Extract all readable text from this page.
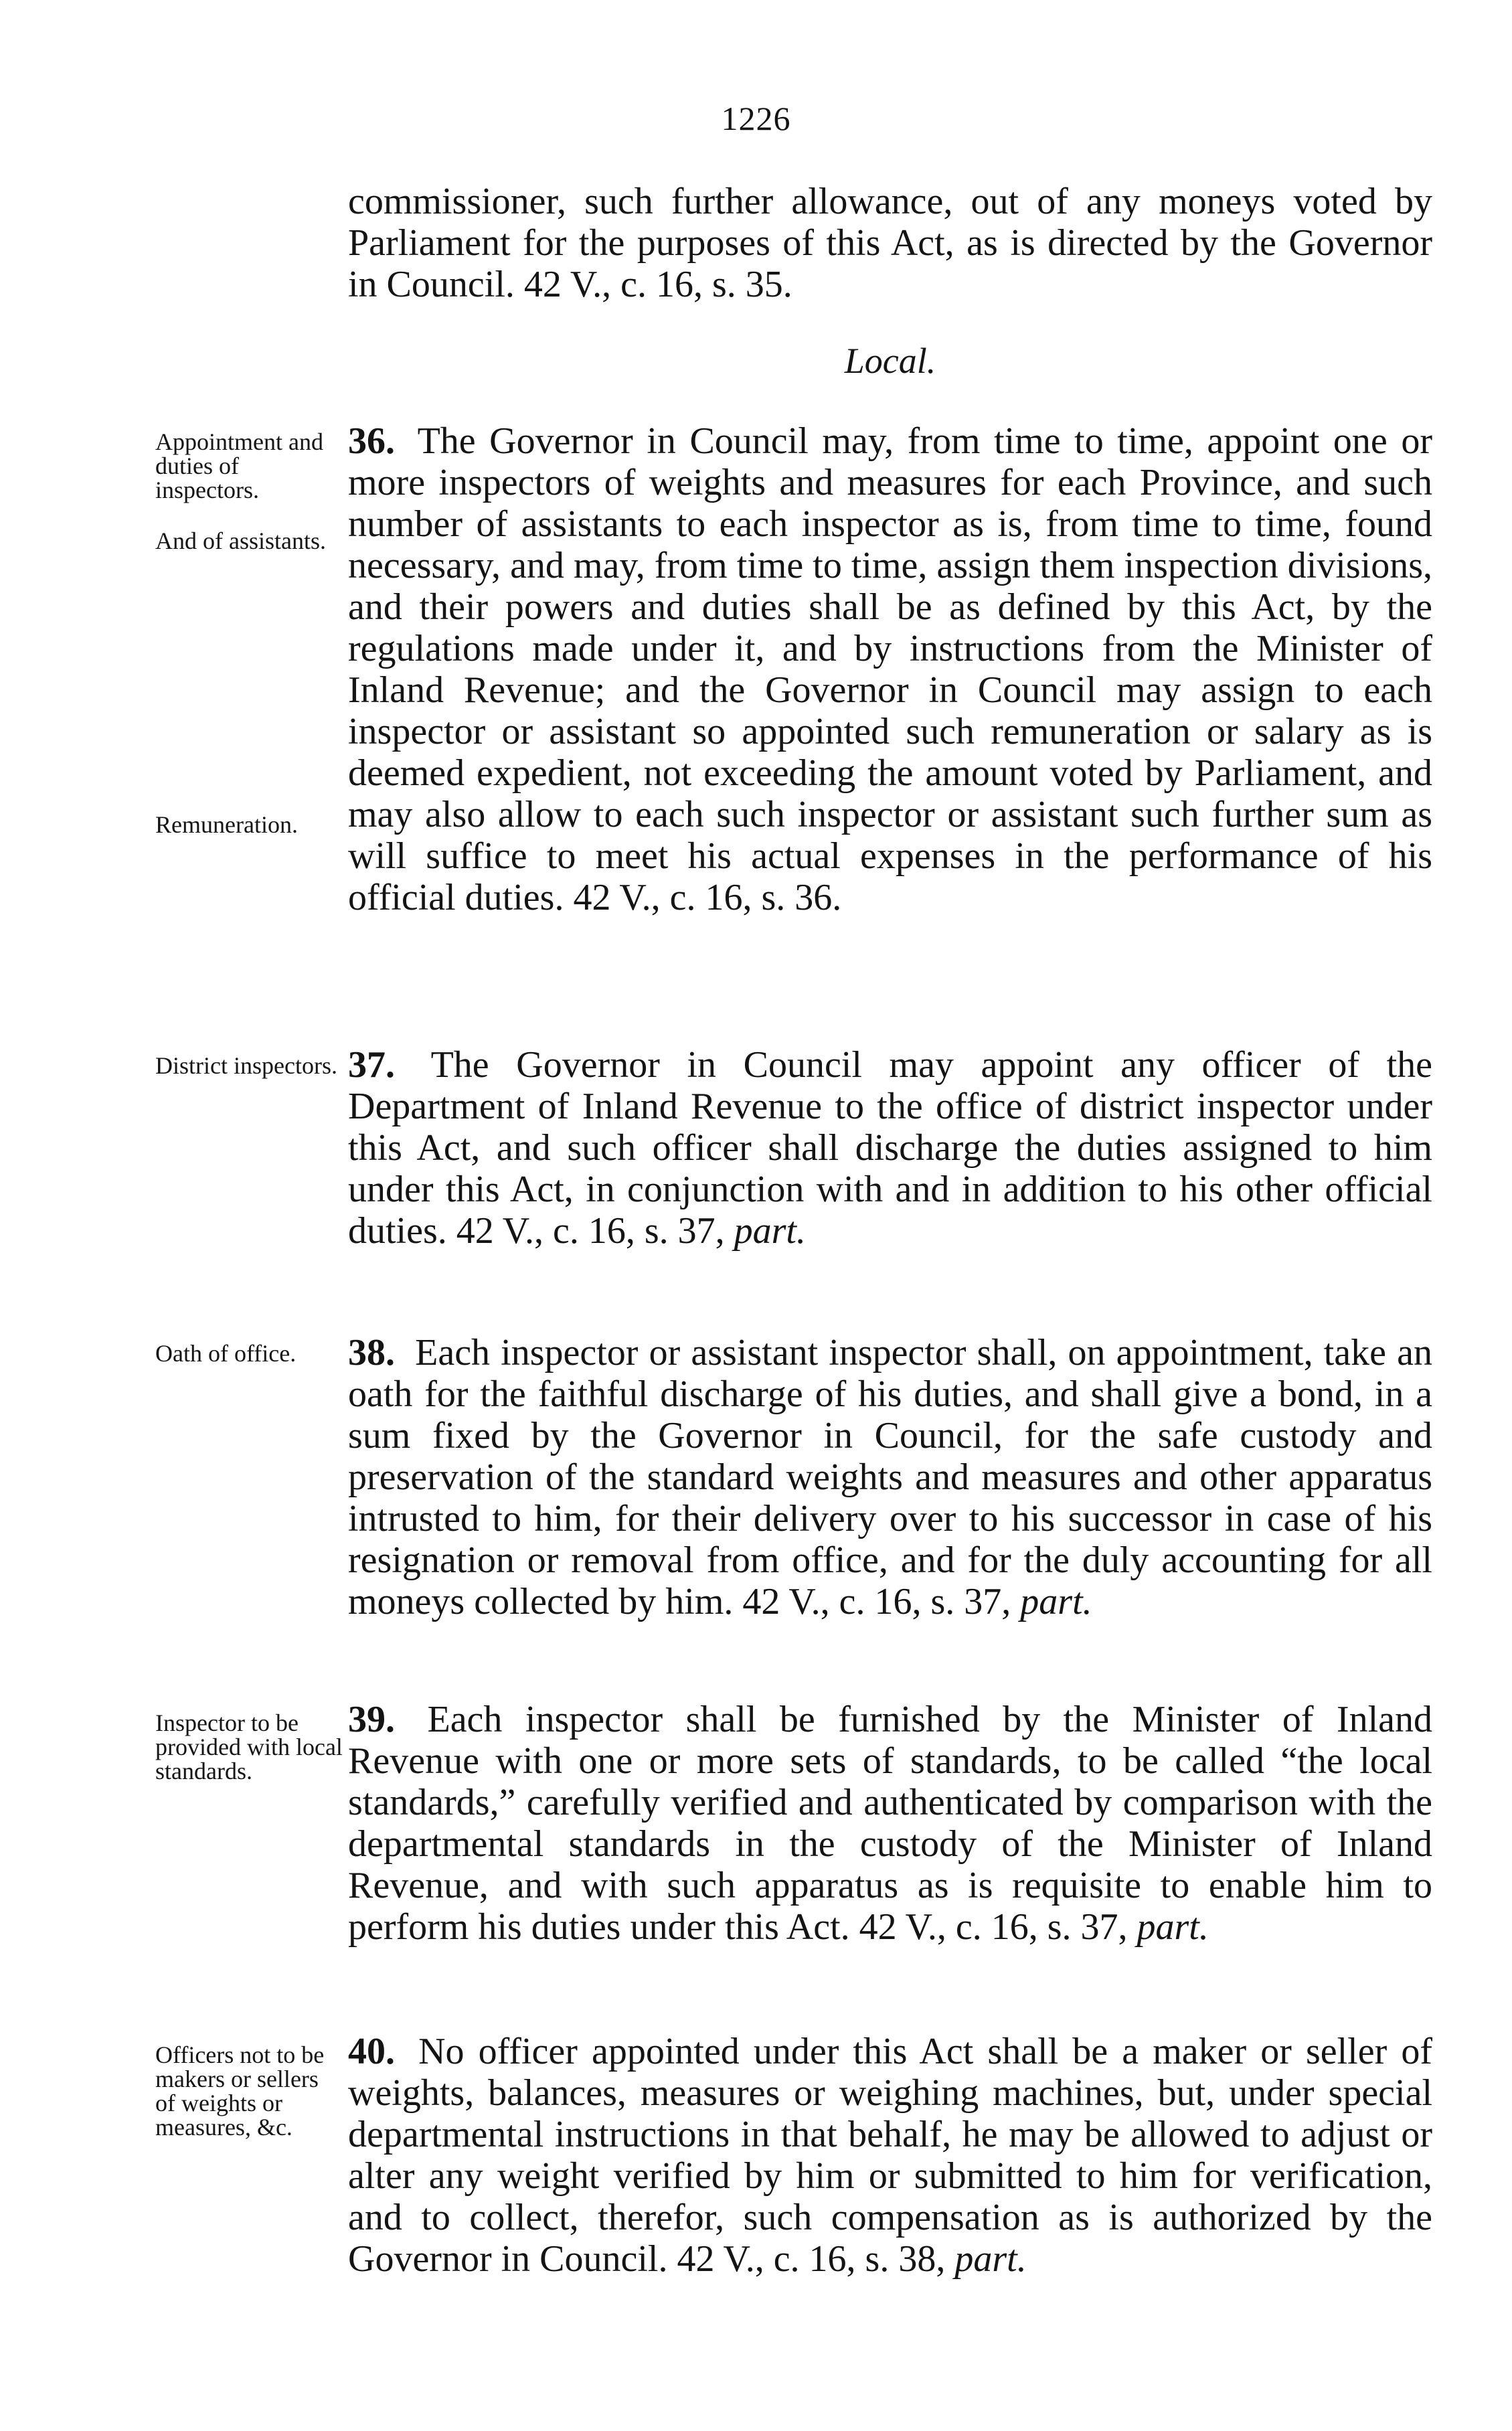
1226

commissioner, such further allowance, out of any moneys voted by Parliament for the purposes of this Act, as is directed by the Governor in Council. 42 V., c. 16, s. 35.

Local.

36. The Governor in Council may, from time to time, appoint one or more inspectors of weights and measures for each Province, and such number of assistants to each inspector as is, from time to time, found necessary, and may, from time to time, assign them inspection divisions, and their powers and duties shall be as defined by this Act, by the regulations made under it, and by instructions from the Minister of Inland Revenue; and the Governor in Council may assign to each inspector or assistant so appointed such remuneration or salary as is deemed expedient, not exceeding the amount voted by Parliament, and may also allow to each such inspector or assistant such further sum as will suffice to meet his actual expenses in the performance of his official duties. 42 V., c. 16, s. 36.

37. The Governor in Council may appoint any officer of the Department of Inland Revenue to the office of district inspector under this Act, and such officer shall discharge the duties assigned to him under this Act, in conjunction with and in addition to his other official duties. 42 V., c. 16, s. 37, part.

38. Each inspector or assistant inspector shall, on appointment, take an oath for the faithful discharge of his duties, and shall give a bond, in a sum fixed by the Governor in Council, for the safe custody and preservation of the standard weights and measures and other apparatus intrusted to him, for their delivery over to his successor in case of his resignation or removal from office, and for the duly accounting for all moneys collected by him. 42 V., c. 16, s. 37, part.

39. Each inspector shall be furnished by the Minister of Inland Revenue with one or more sets of standards, to be called “the local standards,” carefully verified and authenticated by comparison with the departmental standards in the custody of the Minister of Inland Revenue, and with such apparatus as is requisite to enable him to perform his duties under this Act. 42 V., c. 16, s. 37, part.

40. No officer appointed under this Act shall be a maker or seller of weights, balances, measures or weighing machines, but, under special departmental instructions in that behalf, he may be allowed to adjust or alter any weight verified by him or submitted to him for verification, and to collect, therefor, such compensation as is authorized by the Governor in Council. 42 V., c. 16, s. 38, part.

Appointment and duties of inspectors.
And of assistants.
Remuneration.
District inspectors.
Oath of office.
Inspector to be provided with local standards.
Officers not to be makers or sellers of weights or measures, &c.
